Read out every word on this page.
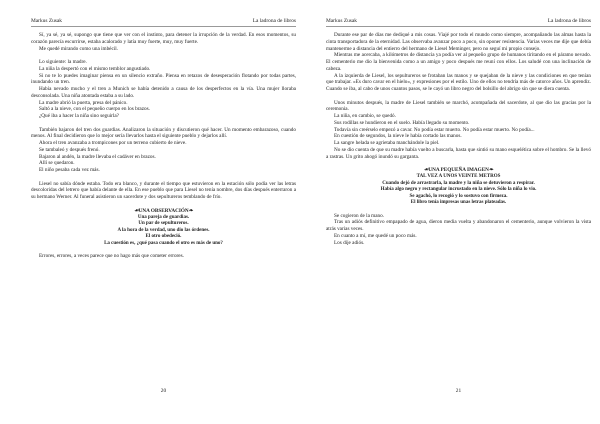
Markus Zusak	La ladrona de libros

Sí, ya sé, ya sé, supongo que tiene que ver con el instinto, para detener la irrupción de la verdad. En esos momentos, su corazón parecía escurrirse, estaba acalorado y latía muy fuerte, muy, muy fuerte.

Me quedé mirando como una imbécil.

Lo siguiente: la madre.

La niña la despertó con el mismo temblor angustiado.

Si no te lo puedes imaginar piensa en un silencio extraño. Piensa en retazos de desesperación flotando por todas partes, inundando un tren.

Había nevado mucho y el tren a Munich se había detenido a causa de los desperfectos en la vía. Una mujer lloraba desconsolada. Una niña atontada estaba a su lado.

La madre abrió la puerta, presa del pánico.

Saltó a la nieve, con el pequeño cuerpo en los brazos.

¿Qué iba a hacer la niña sino seguirla?

También bajaron del tren dos guardias. Analizaron la situación y discutieron qué hacer. Un momento embarazoso, cuando menos. Al final decidieron que lo mejor sería llevarlos hasta el siguiente pueblo y dejarlos allí.

Ahora el tren avanzaba a trompicones por un terreno cubierto de nieve.

Se tambaleó y después frenó.

Bajaron al andén, la madre llevaba el cadáver en brazos.

Allí se quedaron.

El niño pesaba cada vez más.

Liesel no sabía dónde estaba. Todo era blanco, y durante el tiempo que estuvieron en la estación sólo podía ver las letras descoloridas del letrero que había delante de ella. En ese pueblo que para Liesel no tenía nombre, dos días después enterraron a su hermano Werner. Al funeral asistieron un sacerdote y dos sepultureros temblando de frío.

☙UNA OBSERVACIÓN❧
Una pareja de guardias.
Un par de sepultureros.
A la hora de la verdad, uno dio las órdenes.
El otro obedeció.
La cuestión es, ¿qué pasa cuando el otro es más de uno?

Errores, errores, a veces parece que no hago más que cometer errores.

20
Markus Zusak	La ladrona de libros

Durante ese par de días me dediqué a mis cosas. Viajé por todo el mundo como siempre, acompañando las almas hasta la cinta transportadora de la eternidad. Las observaba avanzar poco a poco, sin oponer resistencia. Varias veces me dije que debía mantenerme a distancia del entierro del hermano de Liesel Meminger, pero no seguí mi propio consejo.

Mientras me acercaba, a kilómetros de distancia ya podía ver al pequeño grupo de humanos tiritando en el páramo nevado. El cementerio me dio la bienvenida como a un amigo y poco después me reuní con ellos. Los saludé con una inclinación de cabeza.

A la izquierda de Liesel, los sepultureros se frotaban las manos y se quejaban de la nieve y las condiciones en que tenían que trabajar. «Es duro cavar en el hielo», y expresiones por el estilo. Uno de ellos no tendría más de catorce años. Un aprendiz. Cuando se iba, al cabo de unos cuantos pasos, se le cayó un libro negro del bolsillo del abrigo sin que se diera cuenta.

Unos minutos después, la madre de Liesel también se marchó, acompañada del sacerdote, al que dio las gracias por la ceremonia.

La niña, en cambio, se quedó.

Sus rodillas se hundieron en el suelo. Había llegado su momento.

Todavía sin creérselo empezó a cavar. No podía estar muerto. No podía estar muerto. No podía...

En cuestión de segundos, la nieve le había cortado las manos.

La sangre helada se agrietaba manchándole la piel.

No se dio cuenta de que su madre había vuelto a buscarla, hasta que sintió su mano esquelética sobre el hombro. Se la llevó a rastras. Un grito ahogó inundó su garganta.

☙UNA PEQUEÑA IMAGEN❧
TAL VEZ A UNOS VEINTE METROS
Cuando dejó de arrastrarla, la madre y la niña se detuvieron a respirar.
Había algo negro y rectangular incrustado en la nieve. Sólo la niña lo vio.
Se agachó, lo recogió y lo sostuvo con firmeza.
El libro tenía impresas unas letras plateadas.

Se cogieron de la mano.

Tras un adiós definitivo empapado de agua, dieron media vuelta y abandonaron el cementerio, aunque volvieron la vista atrás varias veces.

En cuanto a mí, me quedé un poco más.

Los dije adiós.

21
